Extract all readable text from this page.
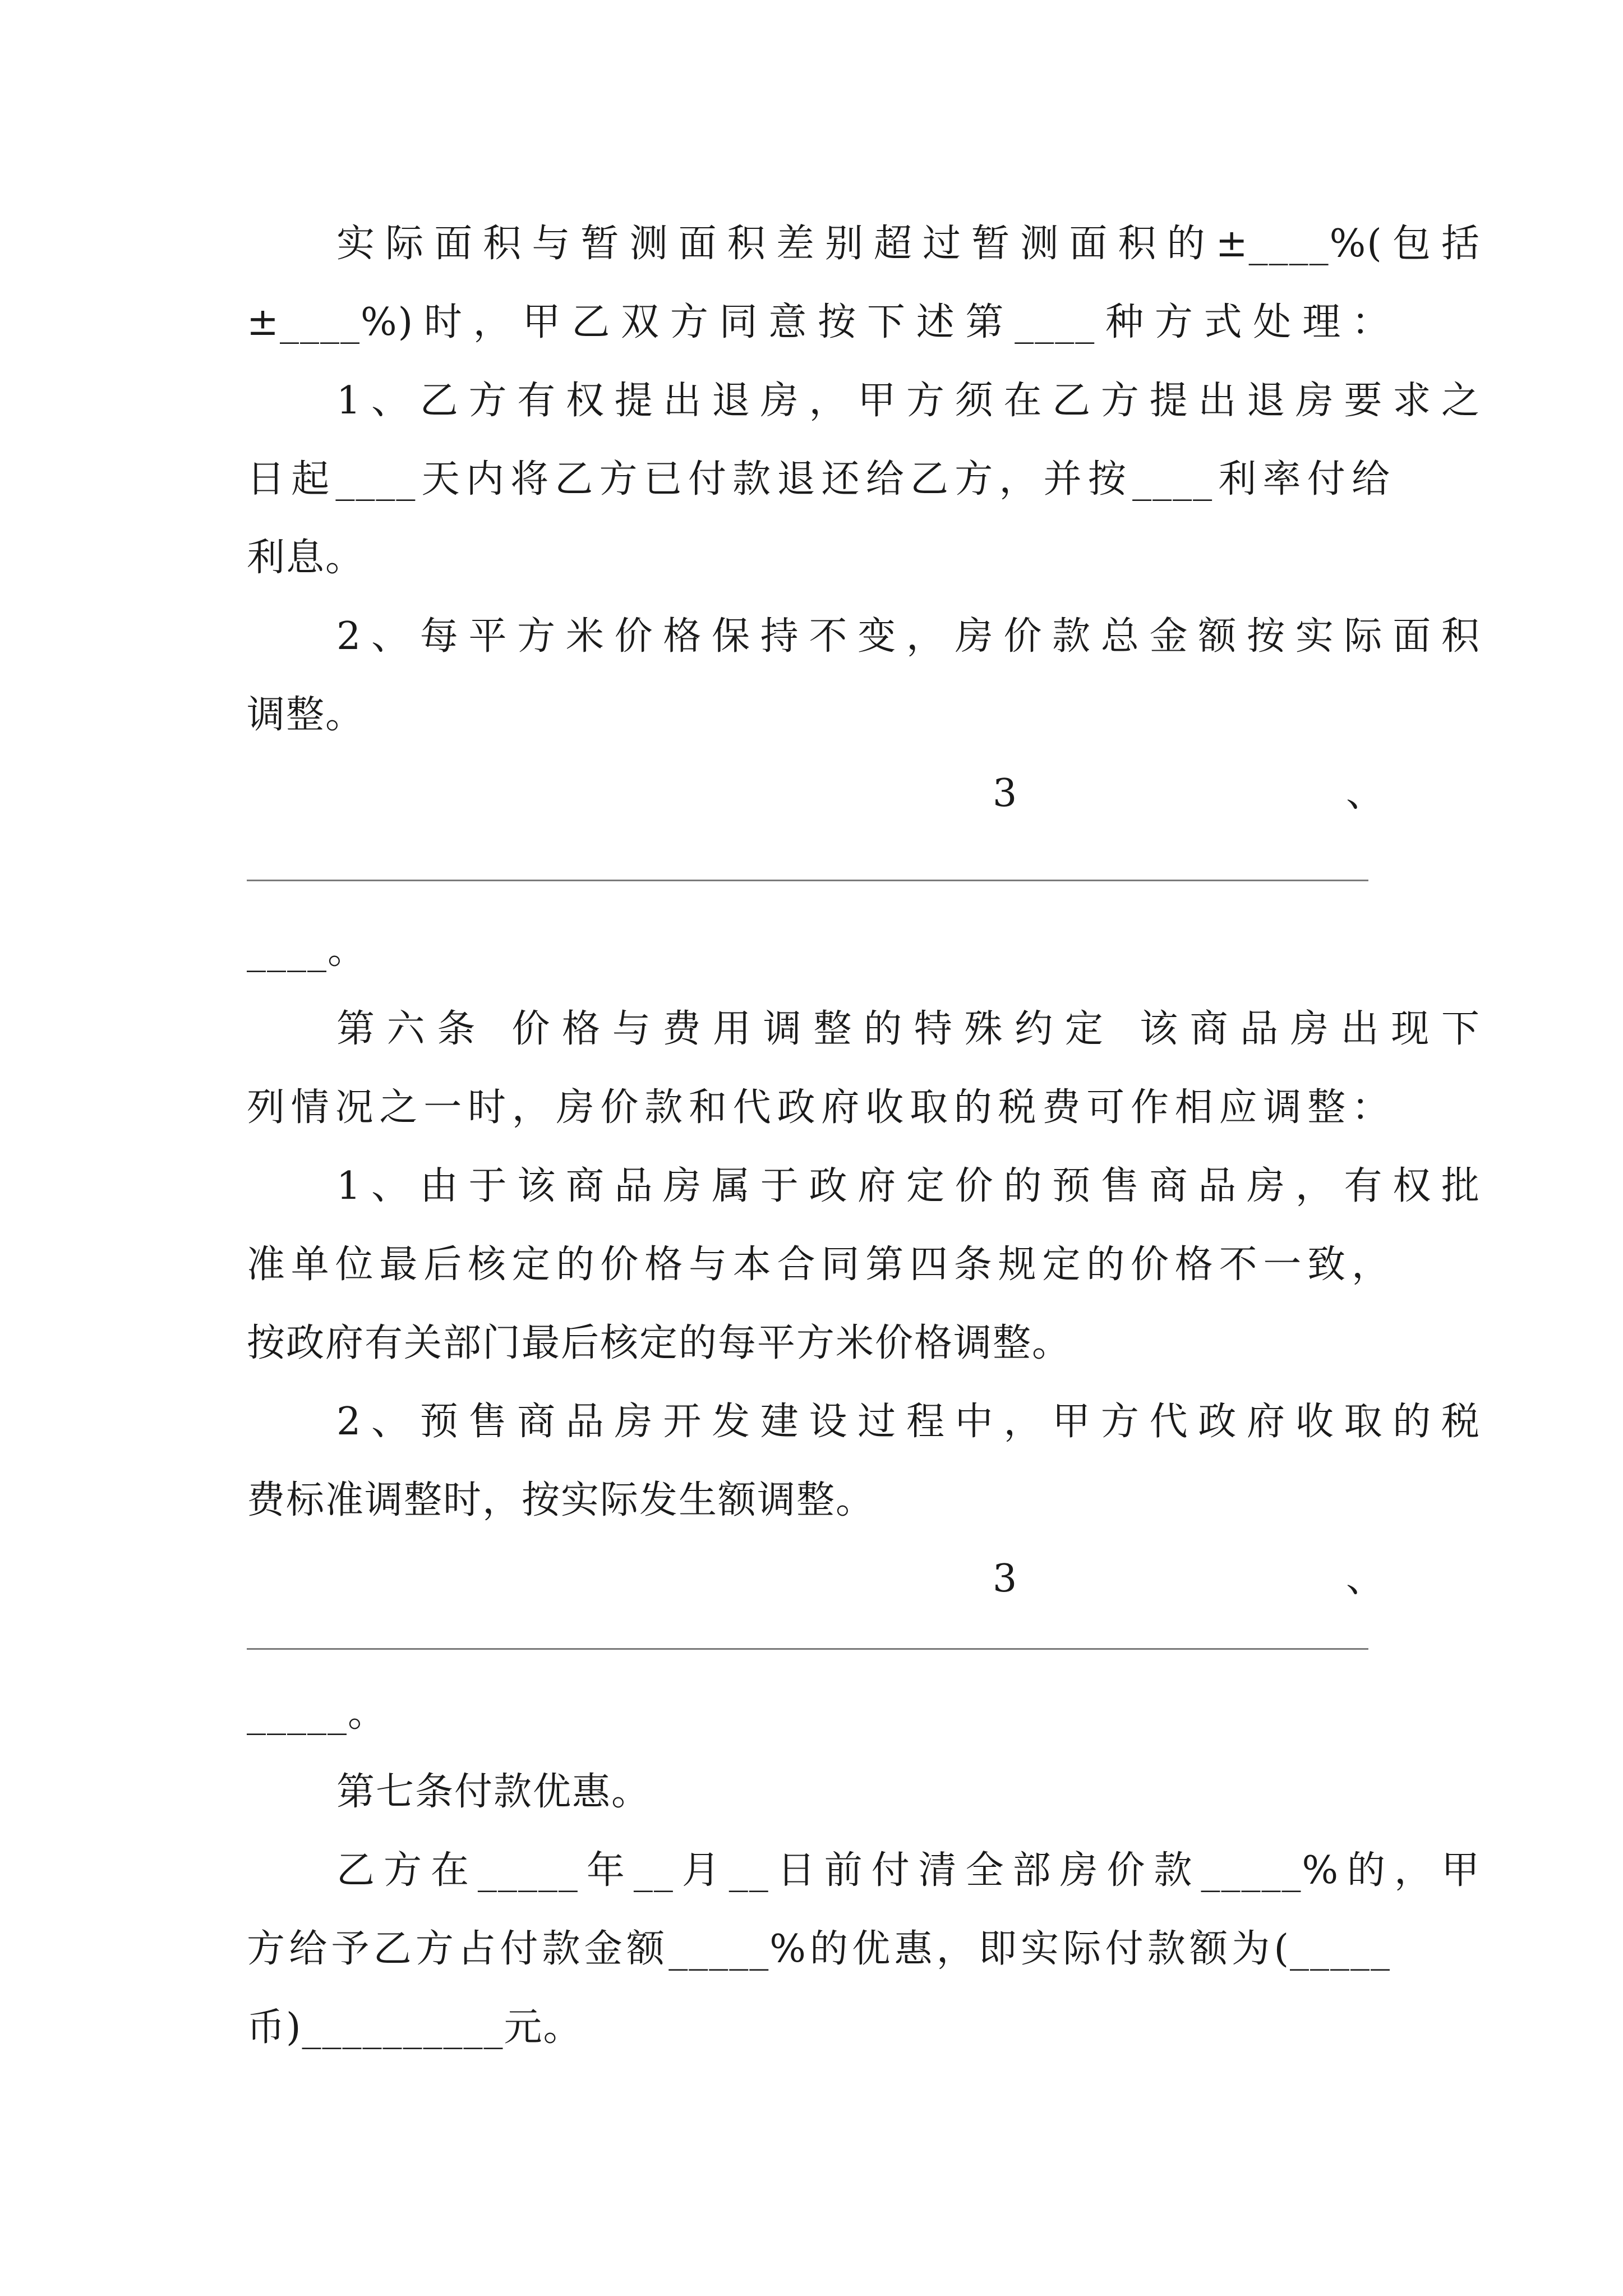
实际面积与暂测面积差别超过暂测面积的±____%(包括
±____%)时，甲乙双方同意按下述第____种方式处理：
1、乙方有权提出退房，甲方须在乙方提出退房要求之
日起____天内将乙方已付款退还给乙方，并按____利率付给
利息。
2、每平方米价格保持不变，房价款总金额按实际面积
调整。
3	、
____。
第六条 价格与费用调整的特殊约定 该商品房出现下
列情况之一时，房价款和代政府收取的税费可作相应调整：
1、由于该商品房属于政府定价的预售商品房，有权批
准单位最后核定的价格与本合同第四条规定的价格不一致，
按政府有关部门最后核定的每平方米价格调整。
2、预售商品房开发建设过程中，甲方代政府收取的税
费标准调整时，按实际发生额调整。
3	、
_____。
第七条付款优惠。
乙方在_____年__月__日前付清全部房价款_____%的，甲
方给予乙方占付款金额_____%的优惠，即实际付款额为(_____
币)__________元。
